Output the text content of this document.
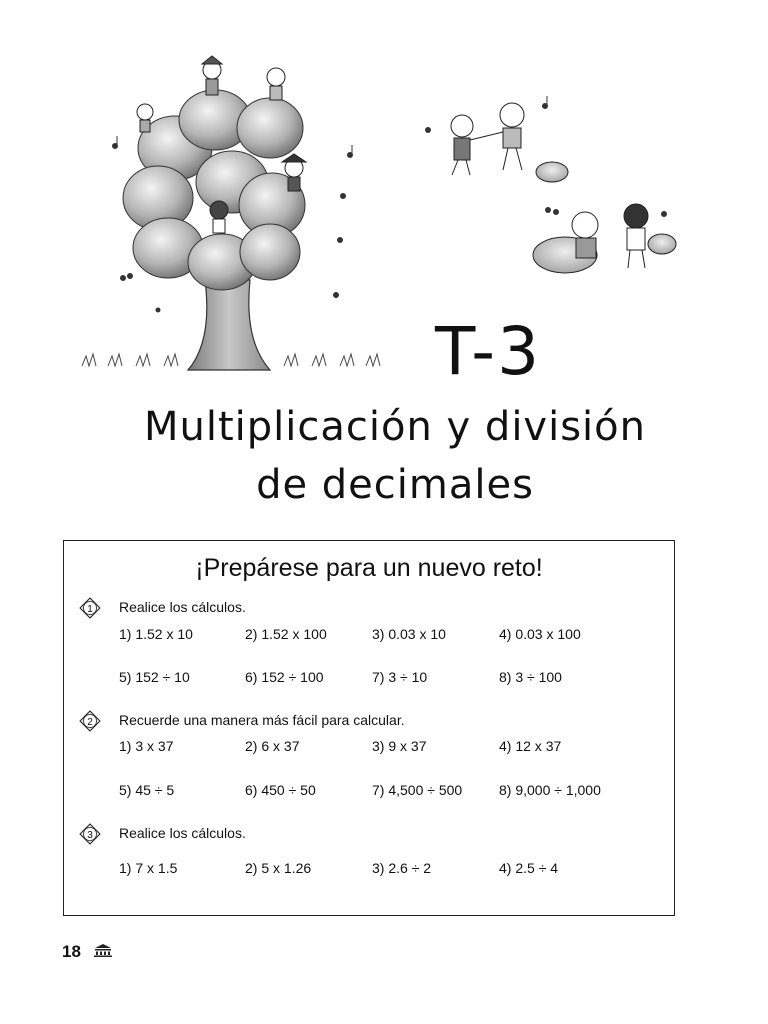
T-3
Multiplicación y división
de decimales
¡Prepárese para un nuevo reto!
1 Realice los cálculos.
1) 1.52 x 10	2) 1.52 x 100	3) 0.03 x 10	4) 0.03 x 100
5) 152 ÷ 10	6) 152 ÷ 100	7) 3 ÷ 10	8) 3 ÷ 100
2 Recuerde una manera más fácil para calcular.
1) 3 x 37	2) 6 x 37	3) 9 x 37	4) 12 x 37
5) 45 ÷ 5	6) 450 ÷ 50	7) 4,500 ÷ 500	8) 9,000 ÷ 1,000
3 Realice los cálculos.
1) 7 x 1.5	2) 5 x 1.26	3) 2.6 ÷ 2	4) 2.5 ÷ 4
18
